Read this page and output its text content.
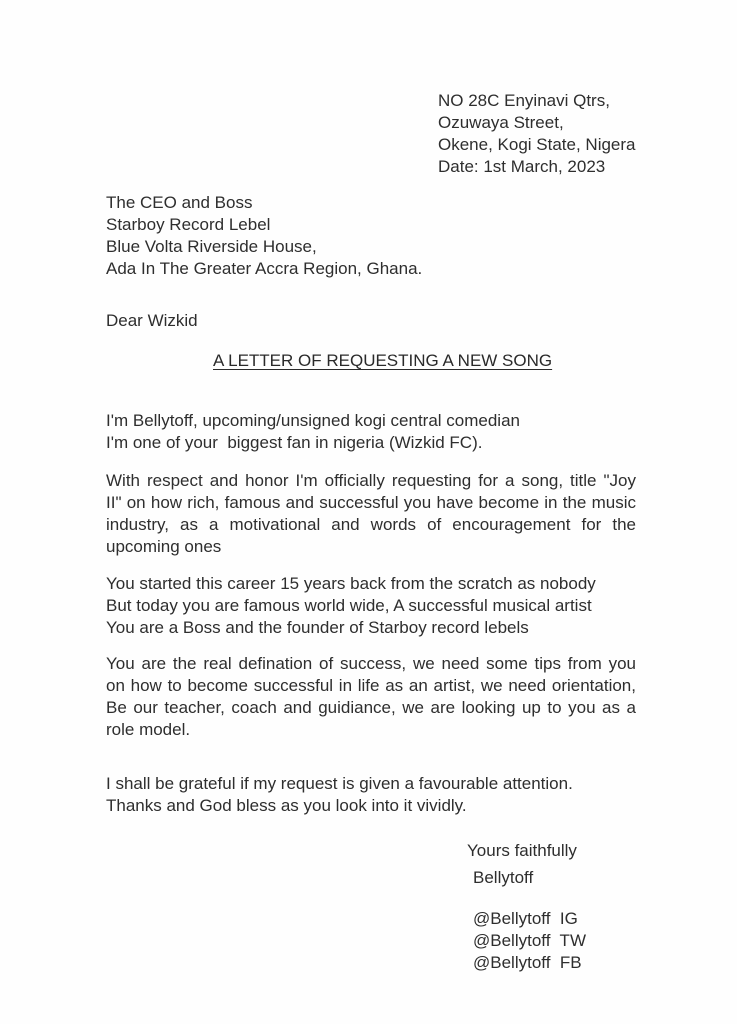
NO 28C Enyinavi Qtrs,
Ozuwaya Street,
Okene, Kogi State, Nigera
Date: 1st March, 2023
The CEO and Boss
Starboy Record Lebel
Blue Volta Riverside House,
Ada In The Greater Accra Region, Ghana.
Dear Wizkid
A LETTER OF REQUESTING A NEW SONG
I'm Bellytoff, upcoming/unsigned kogi central comedian
I'm one of your  biggest fan in nigeria (Wizkid FC).
With respect and honor I'm officially requesting for a song, title "Joy
II" on how rich, famous and successful you have become in the music
industry, as a motivational and words of encouragement for the
upcoming ones
You started this career 15 years back from the scratch as nobody
But today you are famous world wide, A successful musical artist
You are a Boss and the founder of Starboy record lebels
You are the real defination of success, we need some tips from you
on how to become successful in life as an artist, we need orientation,
Be our teacher, coach and guidiance, we are looking up to you as a
role model.
I shall be grateful if my request is given a favourable attention.
Thanks and God bless as you look into it vividly.
Yours faithfully
Bellytoff
@Bellytoff  IG
@Bellytoff  TW
@Bellytoff  FB
